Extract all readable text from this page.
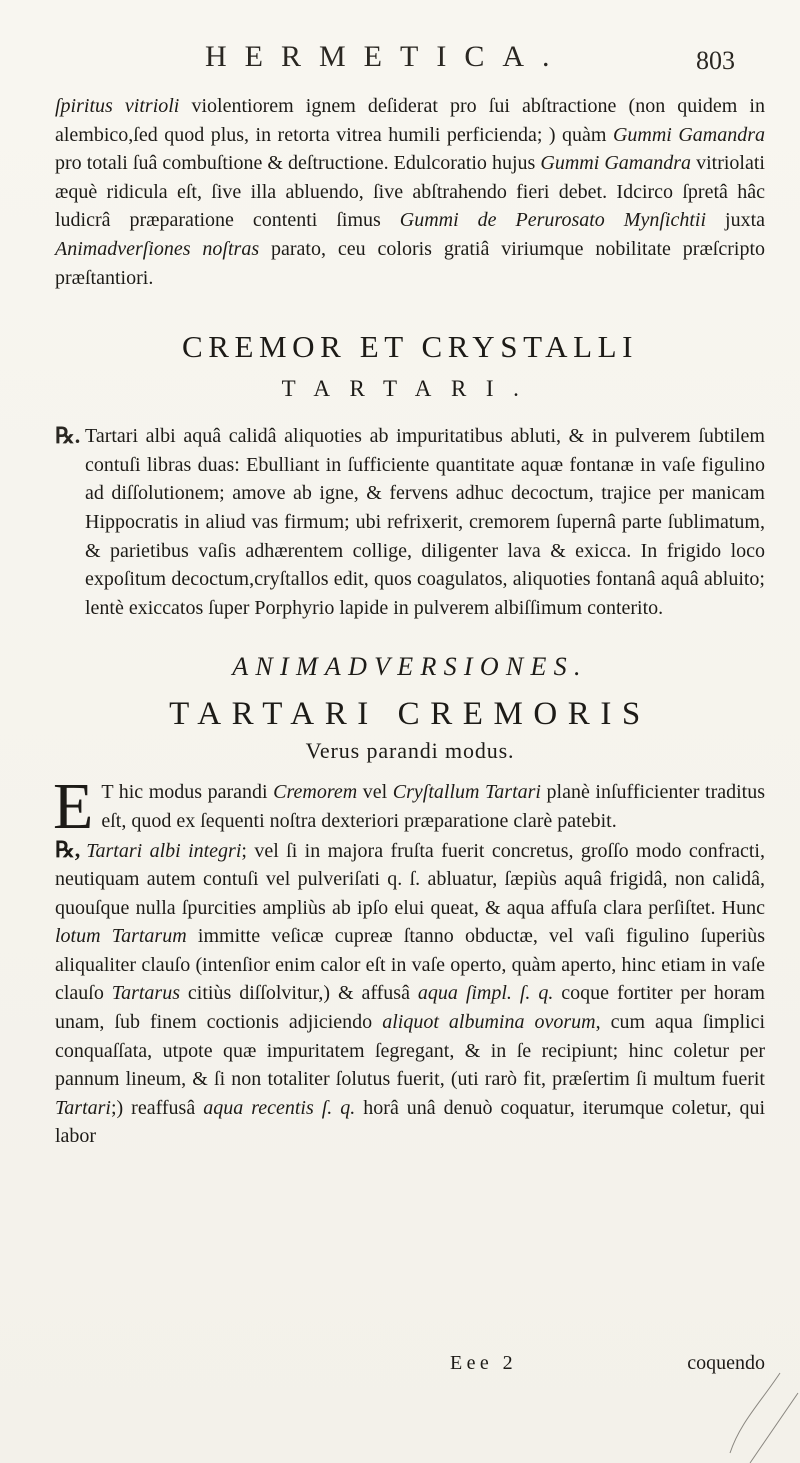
HERMETICA.	803

ſpiritus vitrioli violentiorem ignem deſiderat pro ſui abſtractione (non quidem in alembico,ſed quod plus, in retorta vitrea humili perficienda; ) quàm Gummi Gamandra pro totali ſuâ combuſtione & deſtructione. Edulcoratio hujus Gummi Gamandra vitriolati æquè ridicula eſt, ſive illa abluendo, ſive abſtrahendo fieri debet. Idcirco ſpretâ hâc ludicrâ præparatione contenti ſimus Gummi de Perurosato Mynſichtii juxta Animadverſiones noſtras parato, ceu coloris gratiâ viriumque nobilitate præſcripto præſtantiori.

CREMOR ET CRYSTALLI
TARTARI.
℞. Tartari albi aquâ calidâ aliquoties ab impuritatibus abluti, & in pulverem ſubtilem contuſi libras duas: Ebulliant in ſufficiente quantitate aquæ fontanæ in vaſe figulino ad diſſolutionem; amove ab igne, & fervens adhuc decoctum, trajice per manicam Hippocratis in aliud vas firmum; ubi refrixerit, cremorem ſupernâ parte ſublimatum, & parietibus vaſis adhærentem collige, diligenter lava & exicca. In frigido loco expoſitum decoctum,cryſtallos edit, quos coagulatos, aliquoties fontanâ aquâ abluito; lentè exiccatos ſuper Porphyrio lapide in pulverem albiſſimum conterito.

ANIMADVERSIONES.
TARTARI CREMORIS
Verus parandi modus.

E T hic modus parandi Cremorem vel Cryſtallum Tartari planè inſufficienter traditus eſt, quod ex ſequenti noſtra dexteriori præparatione clarè patebit.

℞, Tartari albi integri; vel ſi in majora fruſta fuerit concretus, groſſo modo confracti, neutiquam autem contuſi vel pulveriſati q. ſ. abluatur, ſæpiùs aquâ frigidâ, non calidâ, quouſque nulla ſpurcities ampliùs ab ipſo elui queat, & aqua affuſa clara perſiſtet. Hunc lotum Tartarum immitte veſicæ cupreæ ſtanno obductæ, vel vaſi figulino ſuperiùs aliqualiter clauſo (intenſior enim calor eſt in vaſe operto, quàm aperto, hinc etiam in vaſe clauſo Tartarus citiùs diſſolvitur,) & affusâ aqua ſimpl. ſ. q. coque fortiter per horam unam, ſub finem coctionis adjiciendo aliquot albumina ovorum, cum aqua ſimplici conquaſſata, utpote quæ impuritatem ſegregant, & in ſe recipiunt; hinc coletur per pannum lineum, & ſi non totaliter ſolutus fuerit, (uti rarò fit, præſertim ſi multum fuerit Tartari;) reaffusâ aqua recentis ſ. q. horâ unâ denuò coquatur, iterumque coletur, qui labor

Eee 2	coquendo
